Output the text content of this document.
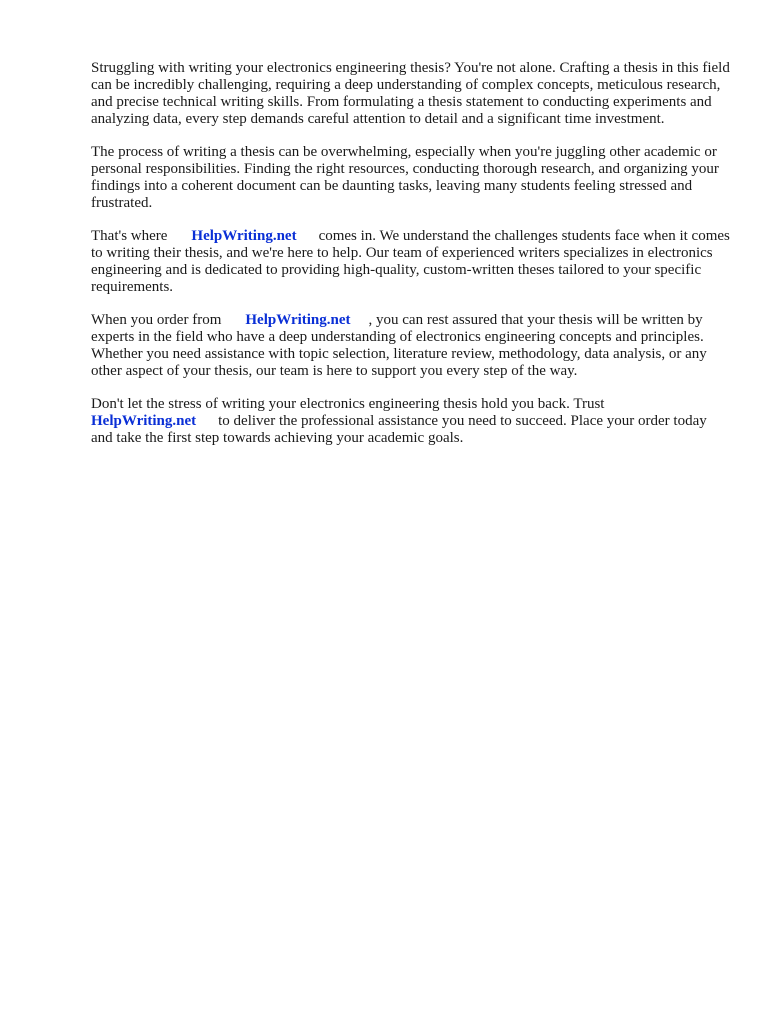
Struggling with writing your electronics engineering thesis? You're not alone. Crafting a thesis in this field can be incredibly challenging, requiring a deep understanding of complex concepts, meticulous research, and precise technical writing skills. From formulating a thesis statement to conducting experiments and analyzing data, every step demands careful attention to detail and a significant time investment.

The process of writing a thesis can be overwhelming, especially when you're juggling other academic or personal responsibilities. Finding the right resources, conducting thorough research, and organizing your findings into a coherent document can be daunting tasks, leaving many students feeling stressed and frustrated.

That's where HelpWriting.net comes in. We understand the challenges students face when it comes to writing their thesis, and we're here to help. Our team of experienced writers specializes in electronics engineering and is dedicated to providing high-quality, custom-written theses tailored to your specific requirements.

When you order from HelpWriting.net , you can rest assured that your thesis will be written by experts in the field who have a deep understanding of electronics engineering concepts and principles. Whether you need assistance with topic selection, literature review, methodology, data analysis, or any other aspect of your thesis, our team is here to support you every step of the way.

Don't let the stress of writing your electronics engineering thesis hold you back. Trust HelpWriting.net to deliver the professional assistance you need to succeed. Place your order today and take the first step towards achieving your academic goals.
